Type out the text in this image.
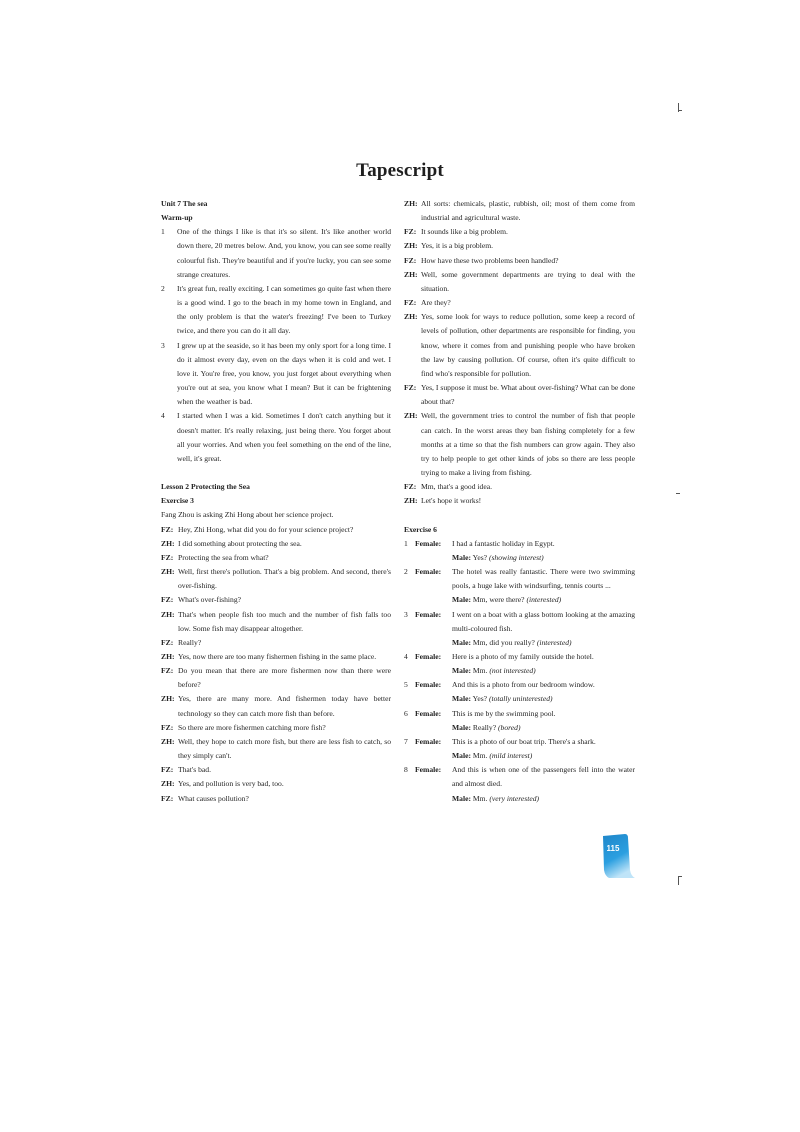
Tapescript
Unit 7 The sea
Warm-up
1 One of the things I like is that it's so silent. It's like another world down there, 20 metres below. And, you know, you can see some really colourful fish. They're beautiful and if you're lucky, you can see some strange creatures.
2 It's great fun, really exciting. I can sometimes go quite fast when there is a good wind. I go to the beach in my home town in England, and the only problem is that the water's freezing! I've been to Turkey twice, and there you can do it all day.
3 I grew up at the seaside, so it has been my only sport for a long time. I do it almost every day, even on the days when it is cold and wet. I love it. You're free, you know, you just forget about everything when you're out at sea, you know what I mean? But it can be frightening when the weather is bad.
4 I started when I was a kid. Sometimes I don't catch anything but it doesn't matter. It's really relaxing, just being there. You forget about all your worries. And when you feel something on the end of the line, well, it's great.
Lesson 2 Protecting the Sea
Exercise 3
Fang Zhou is asking Zhi Hong about her science project.
FZ: Hey, Zhi Hong, what did you do for your science project?
ZH: I did something about protecting the sea.
FZ: Protecting the sea from what?
ZH: Well, first there's pollution. That's a big problem. And second, there's over-fishing.
FZ: What's over-fishing?
ZH: That's when people fish too much and the number of fish falls too low. Some fish may disappear altogether.
FZ: Really?
ZH: Yes, now there are too many fishermen fishing in the same place.
FZ: Do you mean that there are more fishermen now than there were before?
ZH: Yes, there are many more. And fishermen today have better technology so they can catch more fish than before.
FZ: So there are more fishermen catching more fish?
ZH: Well, they hope to catch more fish, but there are less fish to catch, so they simply can't.
FZ: That's bad.
ZH: Yes, and pollution is very bad, too.
FZ: What causes pollution?
ZH: All sorts: chemicals, plastic, rubbish, oil; most of them come from industrial and agricultural waste.
FZ: It sounds like a big problem.
ZH: Yes, it is a big problem.
FZ: How have these two problems been handled?
ZH: Well, some government departments are trying to deal with the situation.
FZ: Are they?
ZH: Yes, some look for ways to reduce pollution, some keep a record of levels of pollution, other departments are responsible for finding, you know, where it comes from and punishing people who have broken the law by causing pollution. Of course, often it's quite difficult to find who's responsible for pollution.
FZ: Yes, I suppose it must be. What about over-fishing? What can be done about that?
ZH: Well, the government tries to control the number of fish that people can catch. In the worst areas they ban fishing completely for a few months at a time so that the fish numbers can grow again. They also try to help people to get other kinds of jobs so there are less people trying to make a living from fishing.
FZ: Mm, that's a good idea.
ZH: Let's hope it works!
Exercise 6
1 Female: I had a fantastic holiday in Egypt.
Male: Yes? (showing interest)
2 Female: The hotel was really fantastic. There were two swimming pools, a huge lake with windsurfing, tennis courts ...
Male: Mm, were there? (interested)
3 Female: I went on a boat with a glass bottom looking at the amazing multi-coloured fish.
Male: Mm, did you really? (interested)
4 Female: Here is a photo of my family outside the hotel.
Male: Mm. (not interested)
5 Female: And this is a photo from our bedroom window.
Male: Yes? (totally uninterested)
6 Female: This is me by the swimming pool.
Male: Really? (bored)
7 Female: This is a photo of our boat trip. There's a shark.
Male: Mm. (mild interest)
8 Female: And this is when one of the passengers fell into the water and almost died.
Male: Mm. (very interested)
115
